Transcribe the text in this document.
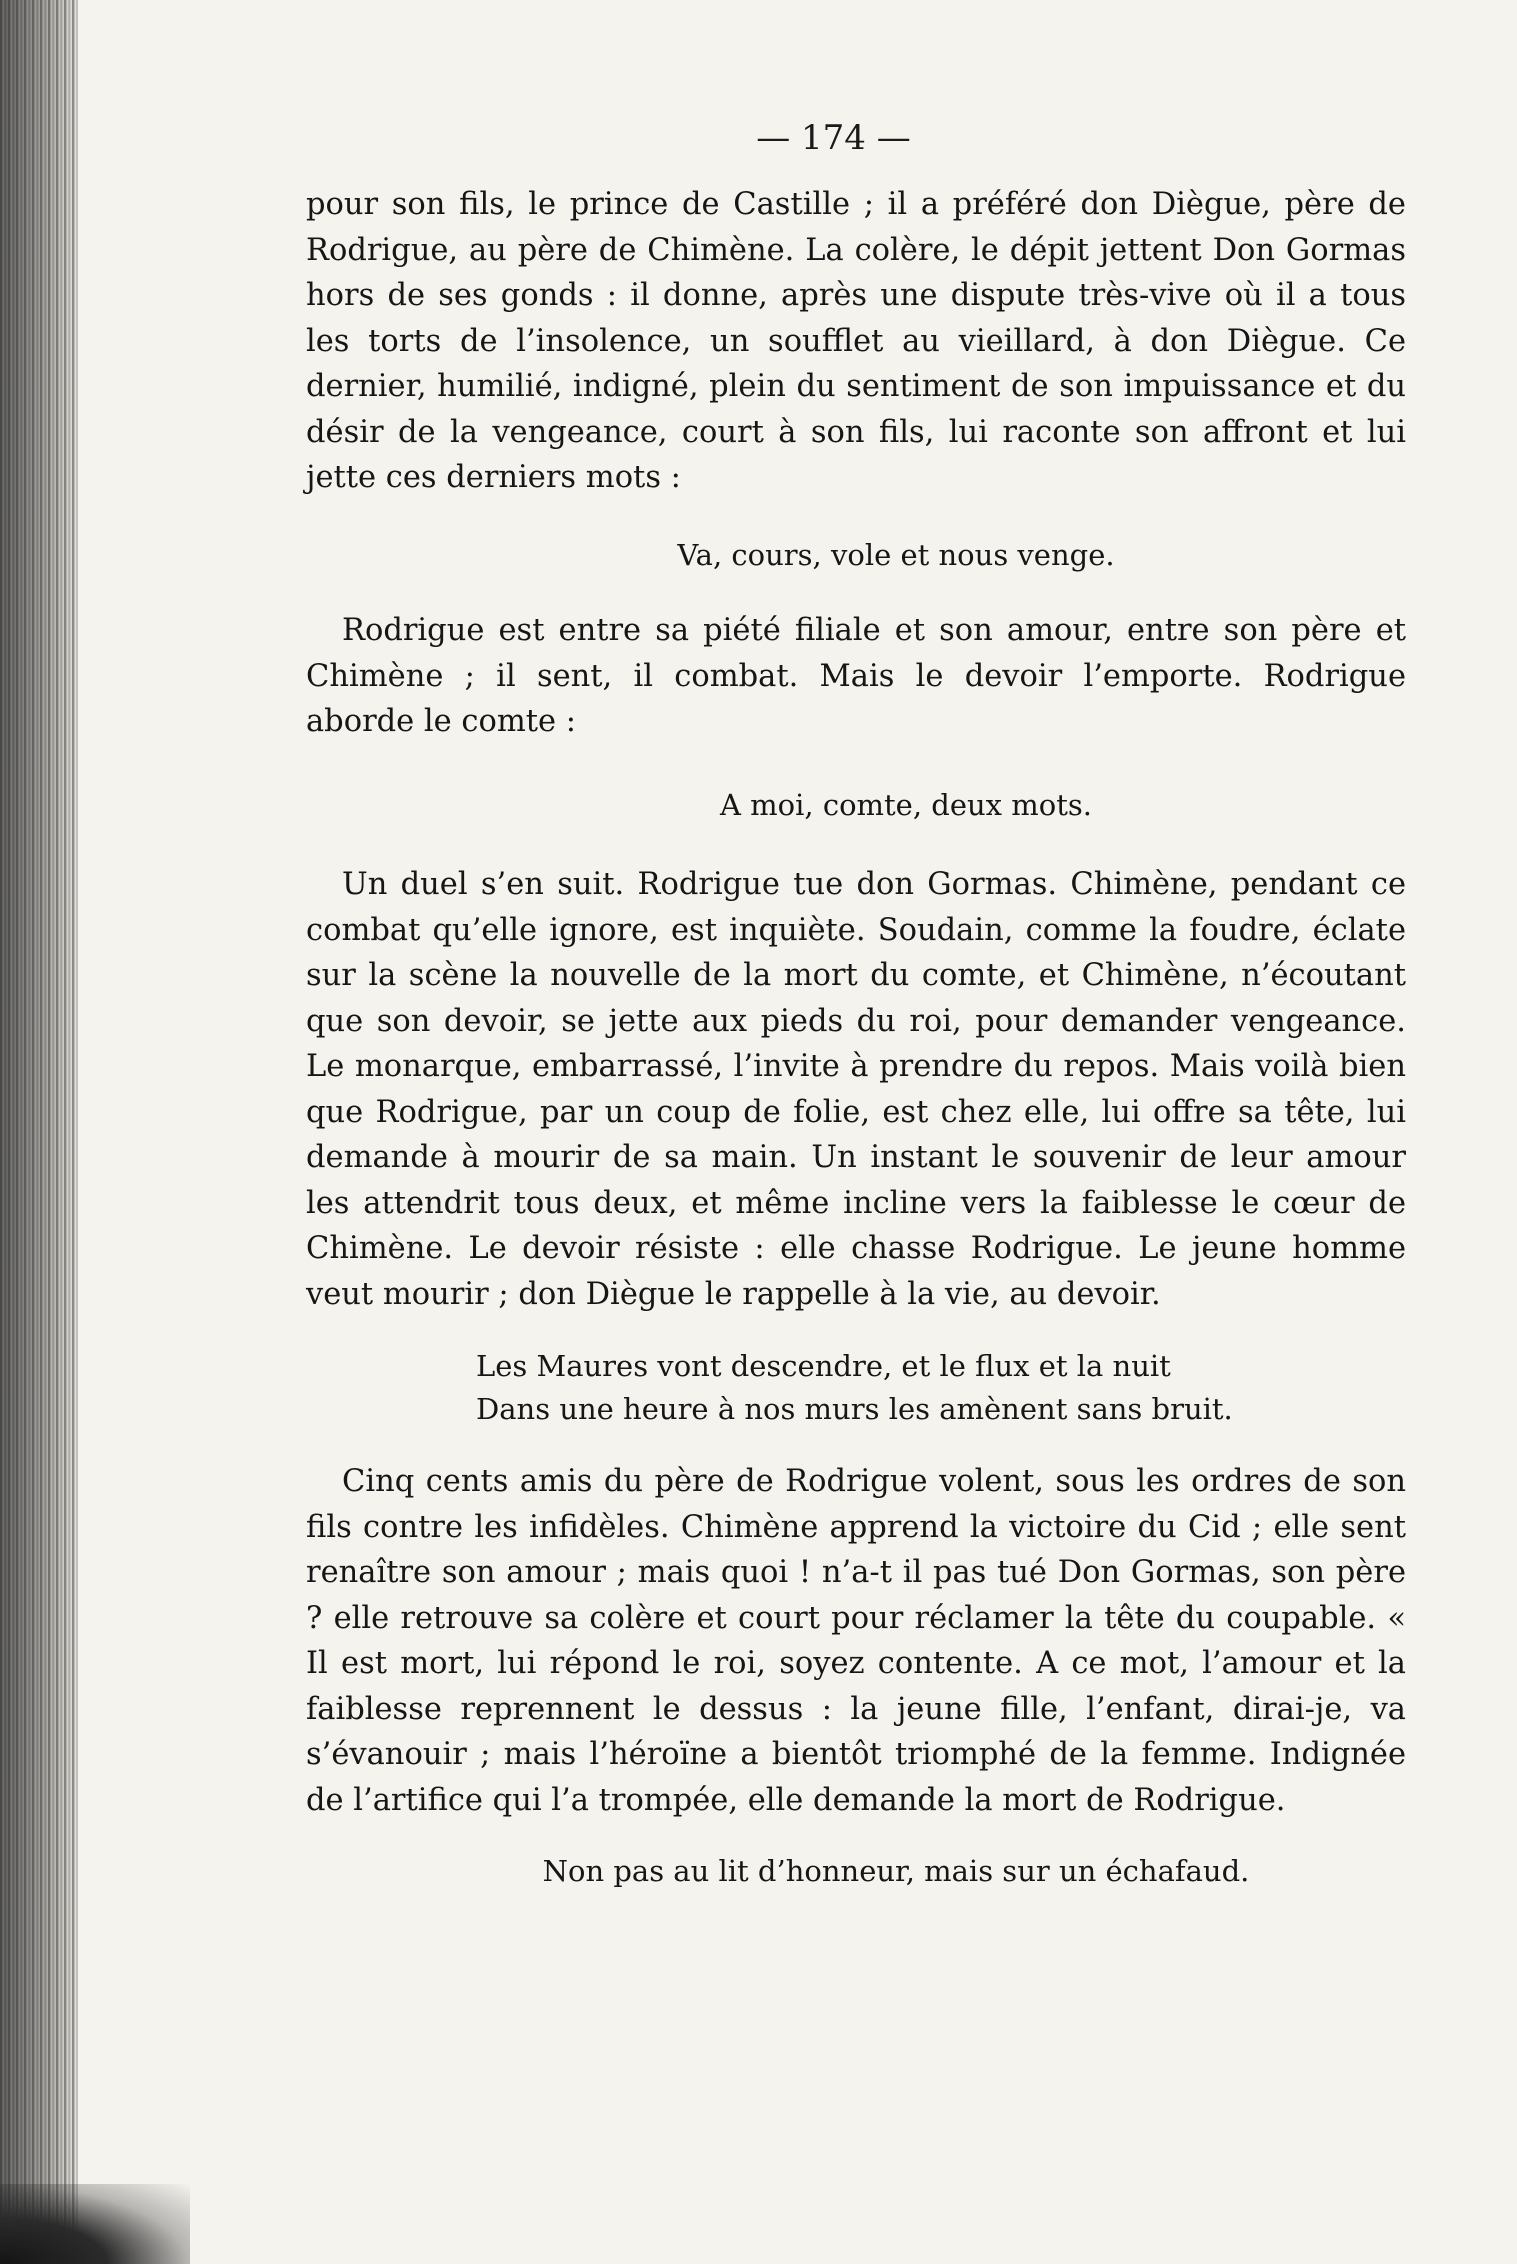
— 174 —

pour son fils, le prince de Castille ; il a préféré don Diègue, père de Rodrigue, au père de Chimène. La colère, le dépit jettent Don Gormas hors de ses gonds : il donne, après une dispute très-vive où il a tous les torts de l’insolence, un soufflet au vieillard, à don Diègue. Ce dernier, humilié, indigné, plein du sentiment de son impuissance et du désir de la vengeance, court à son fils, lui raconte son affront et lui jette ces derniers mots :

Va, cours, vole et nous venge.

Rodrigue est entre sa piété filiale et son amour, entre son père et Chimène ; il sent, il combat. Mais le devoir l’emporte. Rodrigue aborde le comte :

A moi, comte, deux mots.

Un duel s’en suit. Rodrigue tue don Gormas. Chimène, pendant ce combat qu’elle ignore, est inquiète. Soudain, comme la foudre, éclate sur la scène la nouvelle de la mort du comte, et Chimène, n’écoutant que son devoir, se jette aux pieds du roi, pour demander vengeance. Le monarque, embarrassé, l’invite à prendre du repos. Mais voilà bien que Rodrigue, par un coup de folie, est chez elle, lui offre sa tête, lui demande à mourir de sa main. Un instant le souvenir de leur amour les attendrit tous deux, et même incline vers la faiblesse le cœur de Chimène. Le devoir résiste : elle chasse Rodrigue. Le jeune homme veut mourir ; don Diègue le rappelle à la vie, au devoir.

Les Maures vont descendre, et le flux et la nuit
Dans une heure à nos murs les amènent sans bruit.

Cinq cents amis du père de Rodrigue volent, sous les ordres de son fils contre les infidèles. Chimène apprend la victoire du Cid ; elle sent renaître son amour ; mais quoi ! n’a-t il pas tué Don Gormas, son père ? elle retrouve sa colère et court pour réclamer la tête du coupable. « Il est mort, lui répond le roi, soyez contente. A ce mot, l’amour et la faiblesse reprennent le dessus : la jeune fille, l’enfant, dirai-je, va s’évanouir ; mais l’héroïne a bientôt triomphé de la femme. Indignée de l’artifice qui l’a trompée, elle demande la mort de Rodrigue.

Non pas au lit d’honneur, mais sur un échafaud.
